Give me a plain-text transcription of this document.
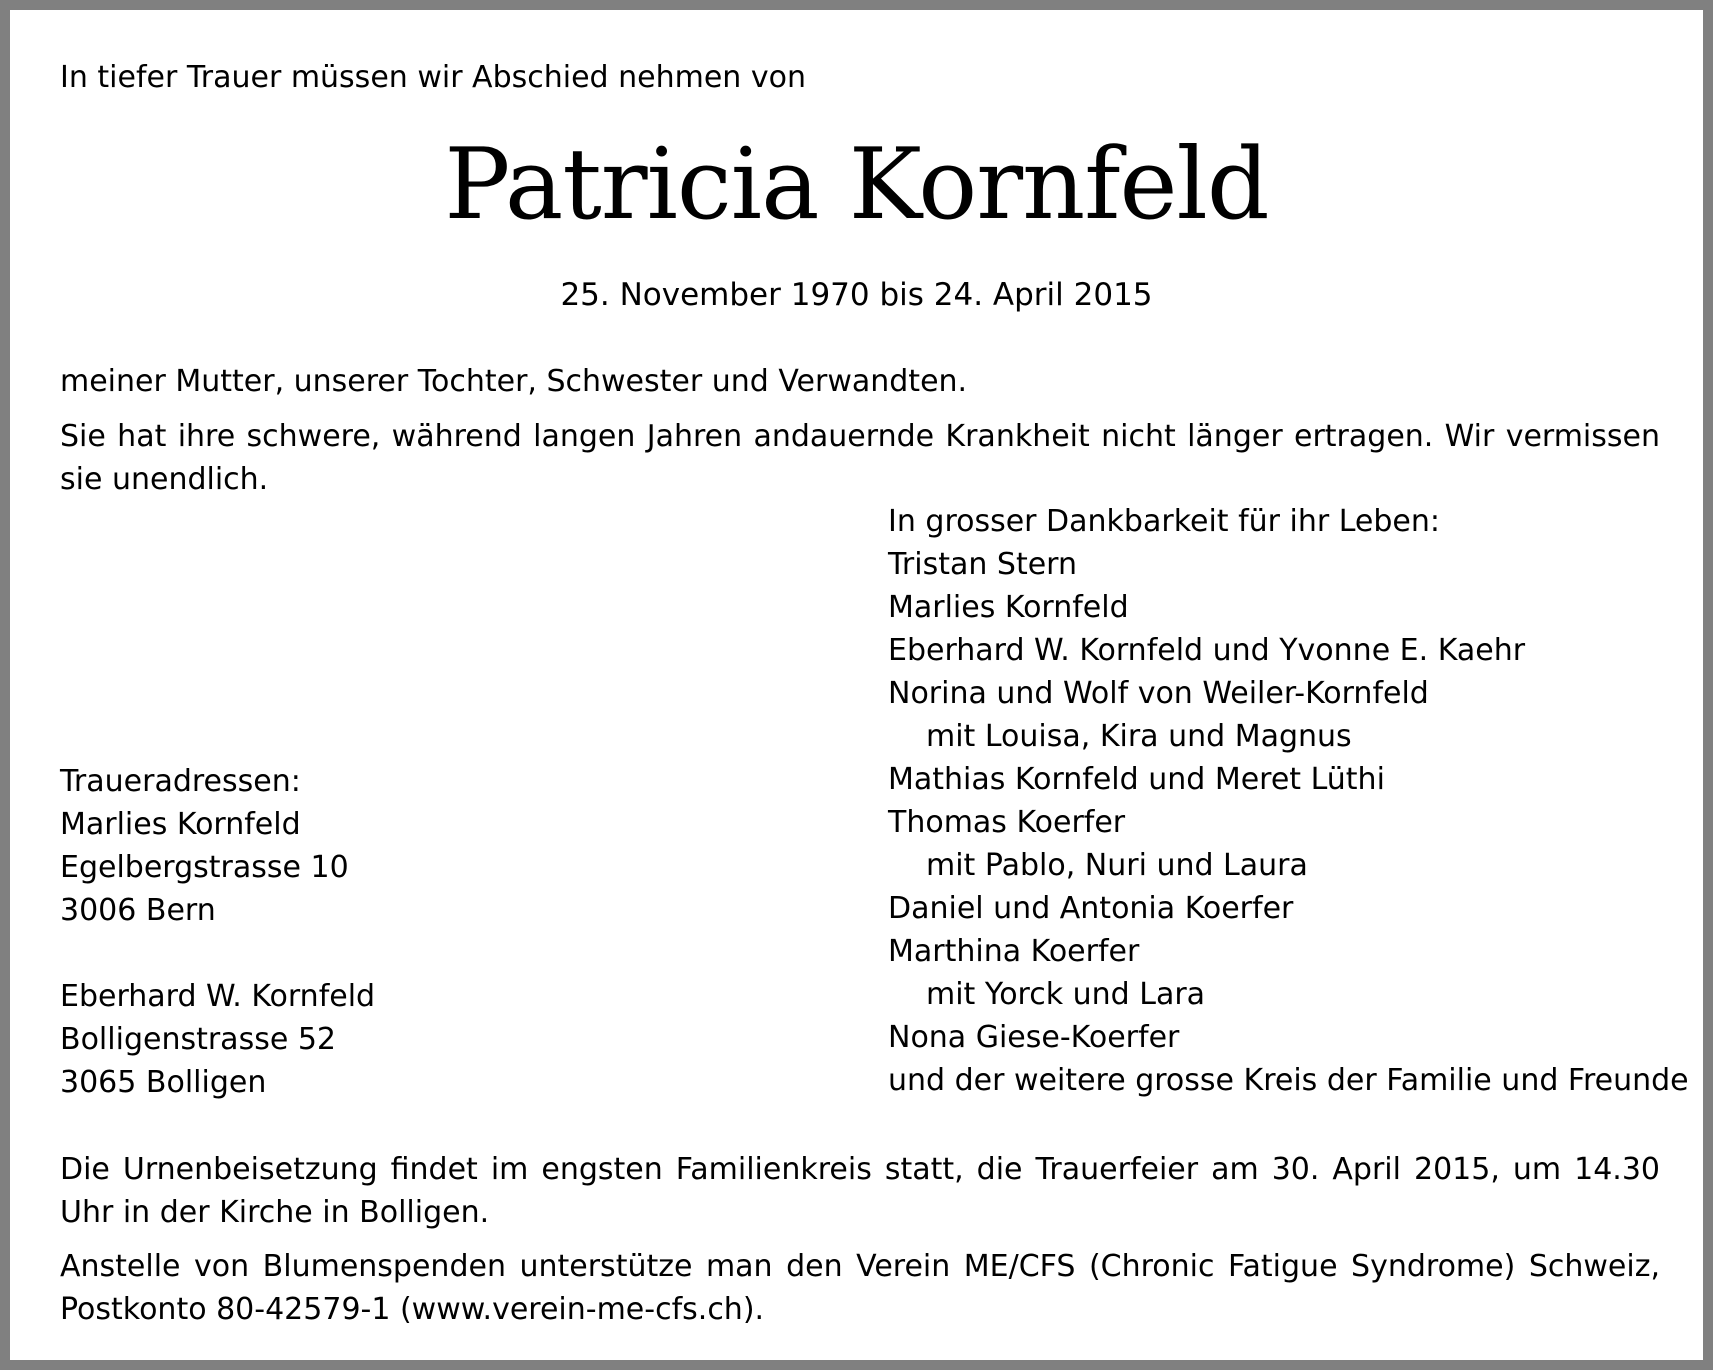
In tiefer Trauer müssen wir Abschied nehmen von
Patricia Kornfeld
25. November 1970 bis 24. April 2015
meiner Mutter, unserer Tochter, Schwester und Verwandten.
Sie hat ihre schwere, während langen Jahren andauernde Krankheit nicht länger ertragen. Wir vermissen sie unendlich.
In grosser Dankbarkeit für ihr Leben:
Tristan Stern
Marlies Kornfeld
Eberhard W. Kornfeld und Yvonne E. Kaehr
Norina und Wolf von Weiler-Kornfeld
mit Louisa, Kira und Magnus
Mathias Kornfeld und Meret Lüthi
Thomas Koerfer
mit Pablo, Nuri und Laura
Daniel und Antonia Koerfer
Marthina Koerfer
mit Yorck und Lara
Nona Giese-Koerfer
und der weitere grosse Kreis der Familie und Freunde
Traueradressen:
Marlies Kornfeld
Egelbergstrasse 10
3006 Bern
Eberhard W. Kornfeld
Bolligenstrasse 52
3065 Bolligen
Die Urnenbeisetzung findet im engsten Familienkreis statt, die Trauerfeier am 30. April 2015, um 14.30 Uhr in der Kirche in Bolligen.
Anstelle von Blumenspenden unterstütze man den Verein ME/CFS (Chronic Fatigue Syndrome) Schweiz, Postkonto 80-42579-1 (www.verein-me-cfs.ch).
